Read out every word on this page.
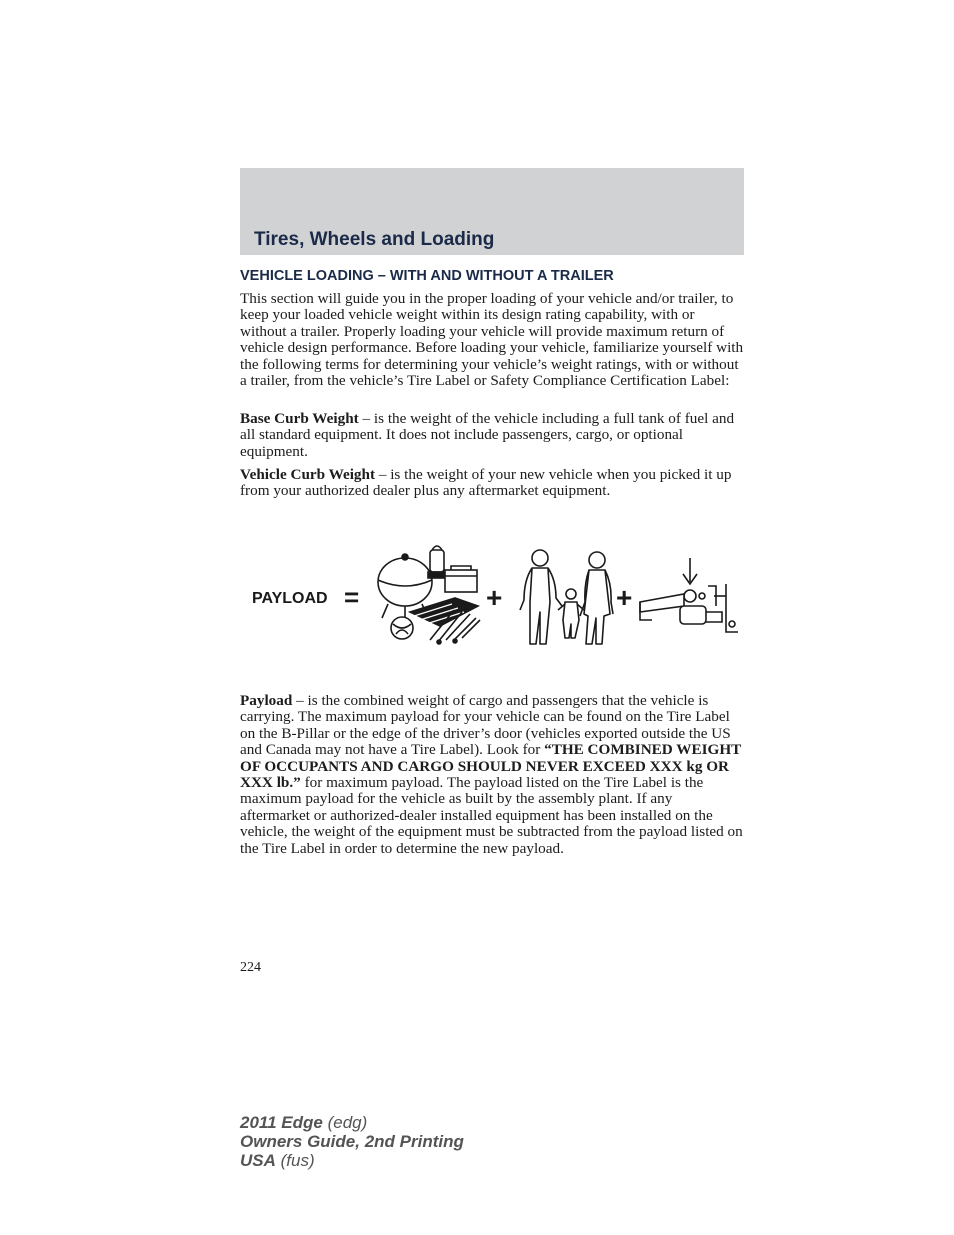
Tires, Wheels and Loading
VEHICLE LOADING – WITH AND WITHOUT A TRAILER

This section will guide you in the proper loading of your vehicle and/or trailer, to keep your loaded vehicle weight within its design rating capability, with or without a trailer. Properly loading your vehicle will provide maximum return of vehicle design performance. Before loading your vehicle, familiarize yourself with the following terms for determining your vehicle’s weight ratings, with or without a trailer, from the vehicle’s Tire Label or Safety Compliance Certification Label:

Base Curb Weight – is the weight of the vehicle including a full tank of fuel and all standard equipment. It does not include passengers, cargo, or optional equipment.

Vehicle Curb Weight – is the weight of your new vehicle when you picked it up from your authorized dealer plus any aftermarket equipment.

PAYLOAD =	+	+

Payload – is the combined weight of cargo and passengers that the vehicle is carrying. The maximum payload for your vehicle can be found on the Tire Label on the B-Pillar or the edge of the driver’s door (vehicles exported outside the US and Canada may not have a Tire Label). Look for “THE COMBINED WEIGHT OF OCCUPANTS AND CARGO SHOULD NEVER EXCEED XXX kg OR XXX lb.” for maximum payload. The payload listed on the Tire Label is the maximum payload for the vehicle as built by the assembly plant. If any aftermarket or authorized-dealer installed equipment has been installed on the vehicle, the weight of the equipment must be subtracted from the payload listed on the Tire Label in order to determine the new payload.

224

2011 Edge (edg)
Owners Guide, 2nd Printing
USA (fus)
